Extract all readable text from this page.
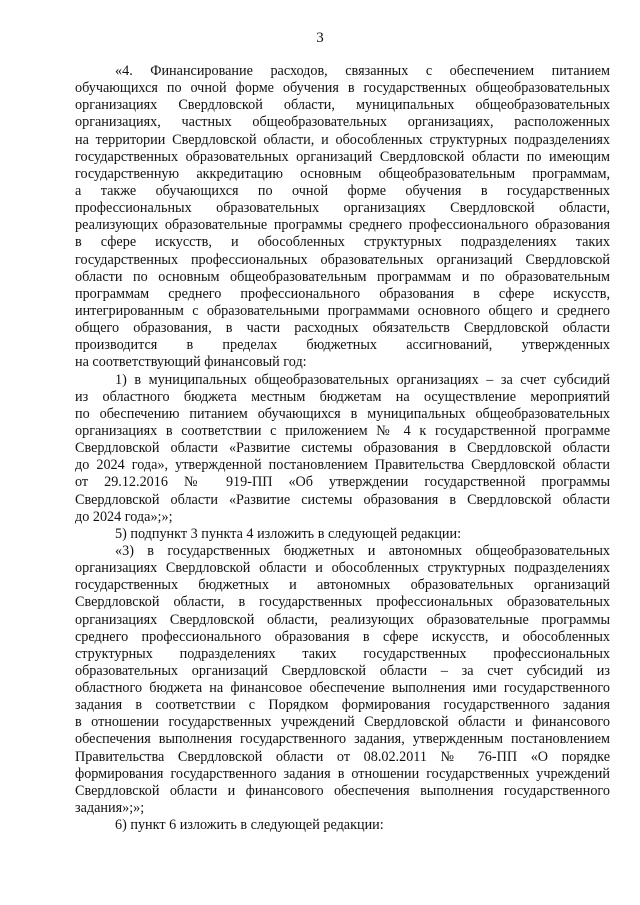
3
«4. Финансирование расходов, связанных с обеспечением питанием
обучающихся по очной форме обучения в государственных общеобразовательных
организациях Свердловской области, муниципальных общеобразовательных
организациях, частных общеобразовательных организациях, расположенных
на территории Свердловской области, и обособленных структурных подразделениях
государственных образовательных организаций Свердловской области по имеющим
государственную аккредитацию основным общеобразовательным программам,
а также обучающихся по очной форме обучения в государственных
профессиональных образовательных организациях Свердловской области,
реализующих образовательные программы среднего профессионального образования
в сфере искусств, и обособленных структурных подразделениях таких
государственных профессиональных образовательных организаций Свердловской
области по основным общеобразовательным программам и по образовательным
программам среднего профессионального образования в сфере искусств,
интегрированным с образовательными программами основного общего и среднего
общего образования, в части расходных обязательств Свердловской области
производится в пределах бюджетных ассигнований, утвержденных
на соответствующий финансовый год:
1) в муниципальных общеобразовательных организациях – за счет субсидий
из областного бюджета местным бюджетам на осуществление мероприятий
по обеспечению питанием обучающихся в муниципальных общеобразовательных
организациях в соответствии с приложением № 4 к государственной программе
Свердловской области «Развитие системы образования в Свердловской области
до 2024 года», утвержденной постановлением Правительства Свердловской области
от 29.12.2016 № 919-ПП «Об утверждении государственной программы
Свердловской области «Развитие системы образования в Свердловской области
до 2024 года»;»;
5) подпункт 3 пункта 4 изложить в следующей редакции:
«3) в государственных бюджетных и автономных общеобразовательных
организациях Свердловской области и обособленных структурных подразделениях
государственных бюджетных и автономных образовательных организаций
Свердловской области, в государственных профессиональных образовательных
организациях Свердловской области, реализующих образовательные программы
среднего профессионального образования в сфере искусств, и обособленных
структурных подразделениях таких государственных профессиональных
образовательных организаций Свердловской области – за счет субсидий из
областного бюджета на финансовое обеспечение выполнения ими государственного
задания в соответствии с Порядком формирования государственного задания
в отношении государственных учреждений Свердловской области и финансового
обеспечения выполнения государственного задания, утвержденным постановлением
Правительства Свердловской области от 08.02.2011 № 76-ПП «О порядке
формирования государственного задания в отношении государственных учреждений
Свердловской области и финансового обеспечения выполнения государственного
задания»;»;
6) пункт 6 изложить в следующей редакции:
